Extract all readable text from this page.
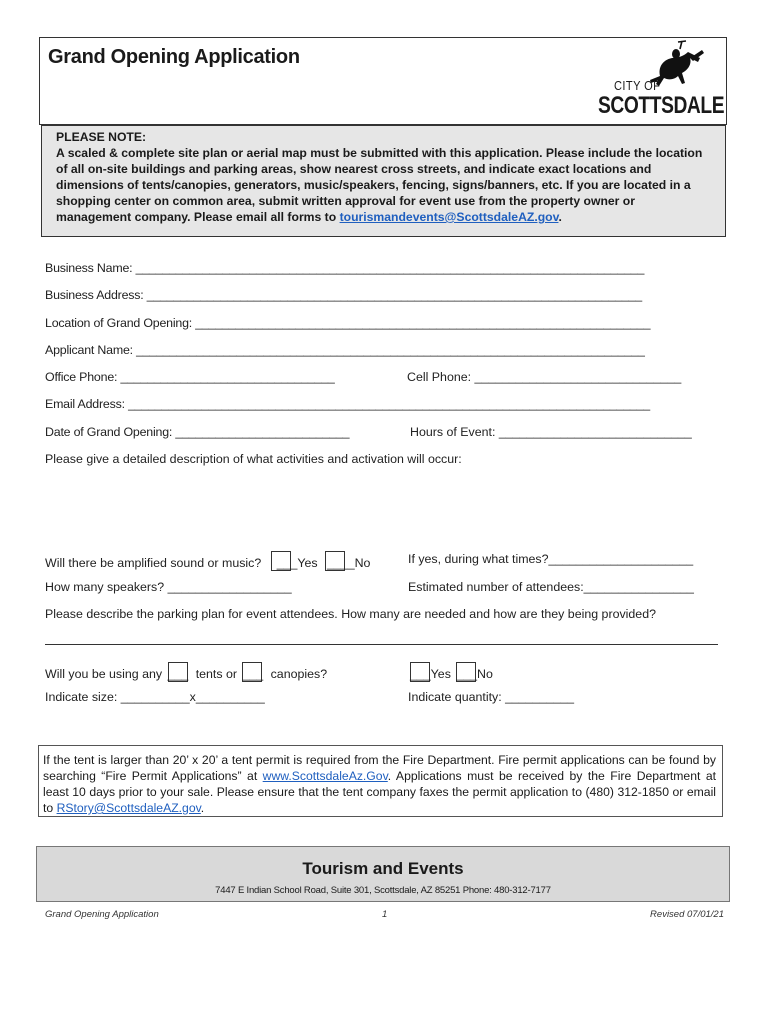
Grand Opening Application
CITY OF
SCOTTSDALE
PLEASE NOTE:
A scaled & complete site plan or aerial map must be submitted with this application. Please include the location of all on-site buildings and parking areas, show nearest cross streets, and indicate exact locations and dimensions of tents/canopies, generators, music/speakers, fencing, signs/banners, etc. If you are located in a shopping center on common area, submit written approval for event use from the property owner or management company. Please email all forms to tourismandevents@ScottsdaleAZ.gov.
Business Name: ____________________________________________________________________________
Business Address: __________________________________________________________________________
Location of Grand Opening: ____________________________________________________________________
Applicant Name: ____________________________________________________________________________
Office Phone: ________________________________	Cell Phone: ______________________________
Email Address: ______________________________________________________________________________
Date of Grand Opening: __________________________	Hours of Event: ____________________________
Please give a detailed description of what activities and activation will occur:
Will there be amplified sound or music? ___Yes ____No	If yes, during what times?_____________________
How many speakers? __________________	Estimated number of attendees:________________
Please describe the parking plan for event attendees. How many are needed and how are they being provided?
Will you be using any ___ tents or ___ canopies?	___Yes ___No
Indicate size: __________x__________	Indicate quantity: __________
If the tent is larger than 20’ x 20’ a tent permit is required from the Fire Department. Fire permit applications can be found by searching “Fire Permit Applications” at www.ScottsdaleAz.Gov. Applications must be received by the Fire Department at least 10 days prior to your sale. Please ensure that the tent company faxes the permit application to (480) 312-1850 or email to RStory@ScottsdaleAZ.gov.
Tourism and Events
7447 E Indian School Road, Suite 301, Scottsdale, AZ 85251 Phone: 480-312-7177
Grand Opening Application	1	Revised 07/01/21
